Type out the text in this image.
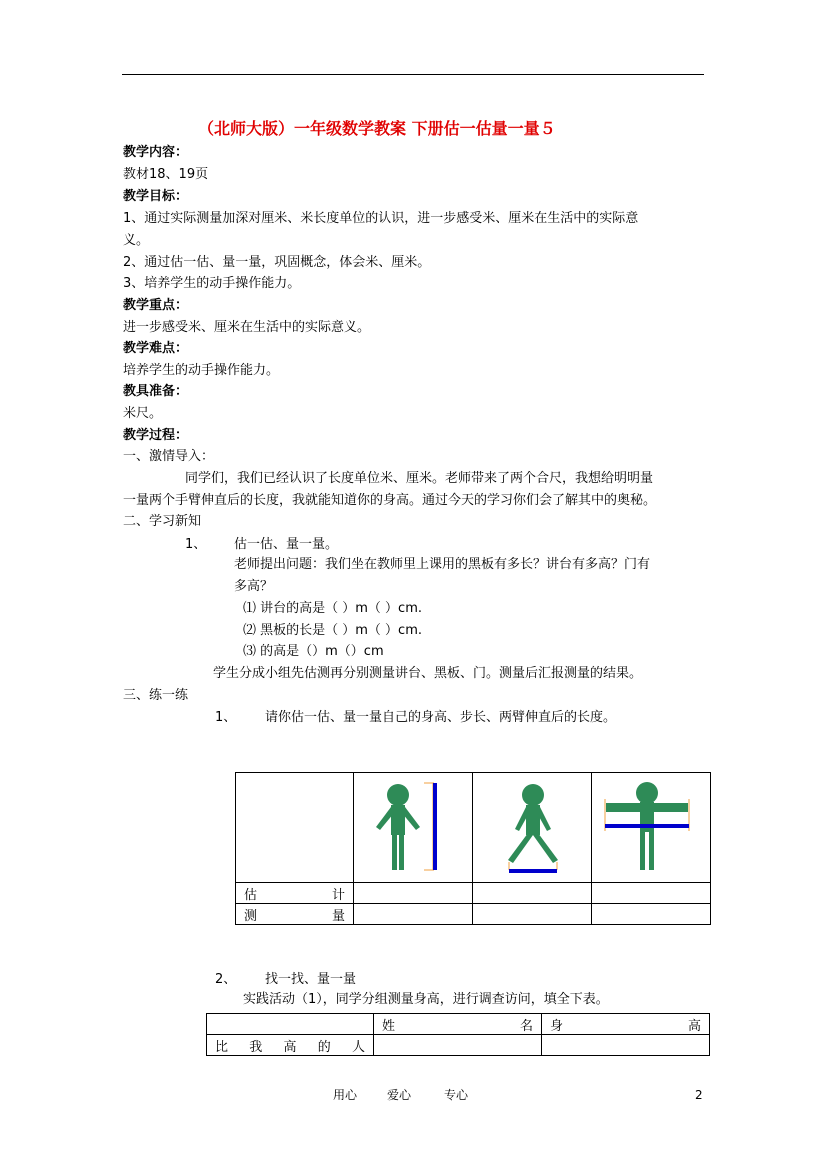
（北师大版）一年级数学教案 下册估一估量一量５
教学内容：
教材18、19页
教学目标：
1、通过实际测量加深对厘米、米长度单位的认识，进一步感受米、厘米在生活中的实际意
义。
2、通过估一估、量一量，巩固概念，体会米、厘米。
3、培养学生的动手操作能力。
教学重点：
进一步感受米、厘米在生活中的实际意义。
教学难点：
培养学生的动手操作能力。
教具准备：
米尺。
教学过程：
一、激情导入：
同学们，我们已经认识了长度单位米、厘米。老师带来了两个合尺，我想给明明量
一量两个手臂伸直后的长度，我就能知道你的身高。通过今天的学习你们会了解其中的奥秘。
二、学习新知
1、 估一估、量一量。
老师提出问题：我们坐在教师里上课用的黑板有多长？讲台有多高？门有
多高？
⑴ 讲台的高是（ ）m（ ）cm.
⑵ 黑板的长是（ ）m（ ）cm.
⑶ 的高是（）m（）cm
学生分成小组先估测再分别测量讲台、黑板、门。测量后汇报测量的结果。
三、练一练
1、 请你估一估、量一量自己的身高、步长、两臂伸直后的长度。

估 计			

测 量			

2、 找一找、量一量
实践活动（1），同学分组测量身高，进行调查访问，填全下表。

	姓 名	身 高

比 我 高 的 人		

用心 爱心	专心	2
